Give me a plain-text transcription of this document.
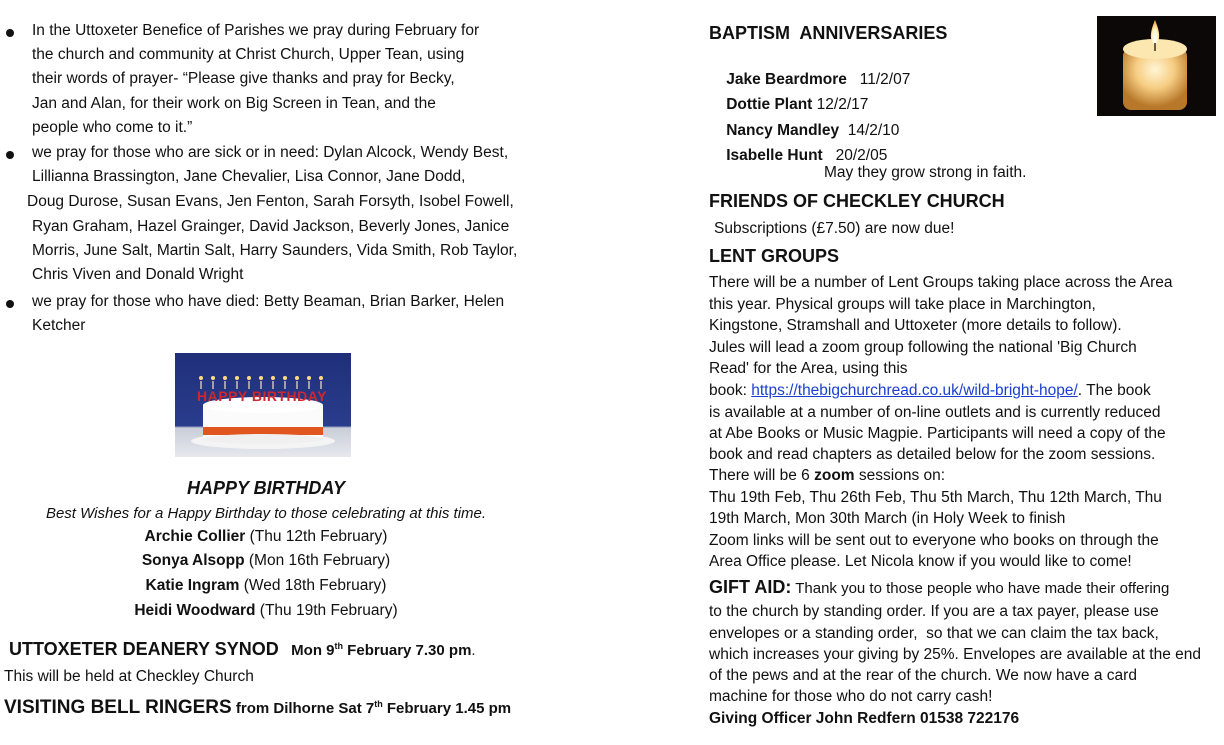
In the Uttoxeter Benefice of Parishes we pray during February for
the church and community at Christ Church, Upper Tean, using
their words of prayer- “Please give thanks and pray for Becky,
Jan and Alan, for their work on Big Screen in Tean, and the
people who come to it.”
we pray for those who are sick or in need: Dylan Alcock, Wendy Best,
Lillianna Brassington, Jane Chevalier, Lisa Connor, Jane Dodd,
Doug Durose, Susan Evans, Jen Fenton, Sarah Forsyth, Isobel Fowell,
Ryan Graham, Hazel Grainger, David Jackson, Beverly Jones, Janice
Morris, June Salt, Martin Salt, Harry Saunders, Vida Smith, Rob Taylor,
Chris Viven and Donald Wright
we pray for those who have died: Betty Beaman, Brian Barker, Helen
Ketcher
HAPPY BIRTHDAY
HAPPY BIRTHDAY
Best Wishes for a Happy Birthday to those celebrating at this time.
Archie Collier (Thu 12th February)
Sonya Alsopp (Mon 16th February)
Katie Ingram (Wed 18th February)
Heidi Woodward (Thu 19th February)
UTTOXETER DEANERY SYNOD Mon 9th February 7.30 pm.
This will be held at Checkley Church
VISITING BELL RINGERS from Dilhorne Sat 7th February 1.45 pm
BAPTISM  ANNIVERSARIES

Jake Beardmore   11/2/07

Dottie Plant 12/2/17

Nancy Mandley  14/2/10

Isabelle Hunt   20/2/05

May they grow strong in faith.
FRIENDS OF CHECKLEY CHURCH
Subscriptions (£7.50) are now due!
LENT GROUPS
There will be a number of Lent Groups taking place across the Area
this year. Physical groups will take place in Marchington,
Kingstone, Stramshall and Uttoxeter (more details to follow).
Jules will lead a zoom group following the national 'Big Church
Read' for the Area, using this
book: https://thebigchurchread.co.uk/wild-bright-hope/. The book
is available at a number of on-line outlets and is currently reduced
at Abe Books or Music Magpie. Participants will need a copy of the
book and read chapters as detailed below for the zoom sessions.
There will be 6 zoom sessions on:
Thu 19th Feb, Thu 26th Feb, Thu 5th March, Thu 12th March, Thu
19th March, Mon 30th March (in Holy Week to finish
Zoom links will be sent out to everyone who books on through the
Area Office please. Let Nicola know if you would like to come!
GIFT AID: Thank you to those people who have made their offering
to the church by standing order. If you are a tax payer, please use
envelopes or a standing order,  so that we can claim the tax back,
which increases your giving by 25%. Envelopes are available at the end
of the pews and at the rear of the church. We now have a card
machine for those who do not carry cash!
Giving Officer John Redfern 01538 722176
